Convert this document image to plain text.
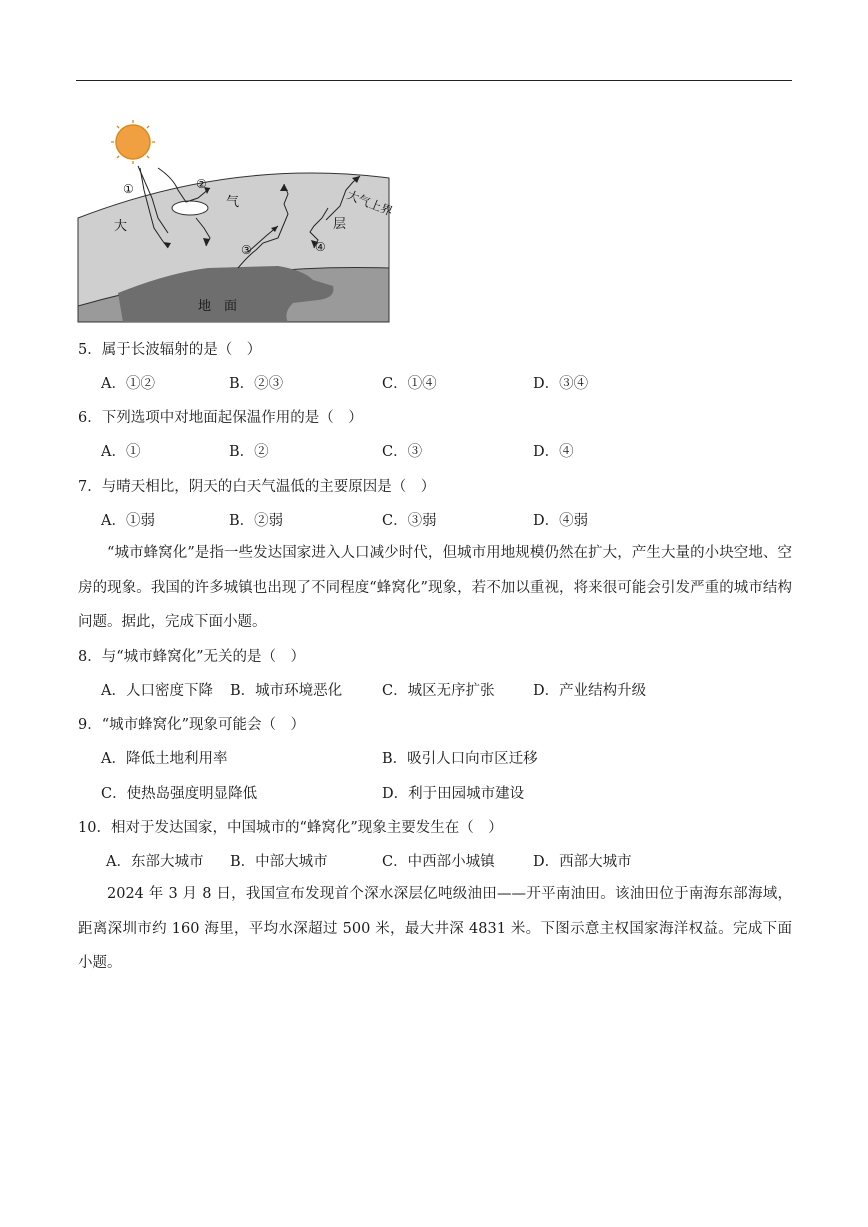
①	②
③	④
大
气
层
大气上界
地　面
5．属于长波辐射的是（　）
A．①②	B．②③	C．①④	D．③④
6．下列选项中对地面起保温作用的是（　）
A．①	B．②	C．③	D．④
7．与晴天相比，阴天的白天气温低的主要原因是（　）
A．①弱	B．②弱	C．③弱	D．④弱

“城市蜂窝化”是指一些发达国家进入人口减少时代，但城市用地规模仍然在扩大，产生大量的小块空地、空房的现象。我国的许多城镇也出现了不同程度“蜂窝化”现象，若不加以重视，将来很可能会引发严重的城市结构问题。据此，完成下面小题。

8．与“城市蜂窝化”无关的是（　）
A．人口密度下降 B．城市环境恶化	C．城区无序扩张	D．产业结构升级
9．“城市蜂窝化”现象可能会（　）
A．降低土地利用率	B．吸引人口向市区迁移
C．使热岛强度明显降低	D．利于田园城市建设
10．相对于发达国家，中国城市的“蜂窝化”现象主要发生在（　）
A．东部大城市 B．中部大城市	C．中西部小城镇	D．西部大城市

2024 年 3 月 8 日，我国宣布发现首个深水深层亿吨级油田——开平南油田。该油田位于南海东部海域，距离深圳市约 160 海里，平均水深超过 500 米，最大井深 4831 米。下图示意主权国家海洋权益。完成下面小题。
